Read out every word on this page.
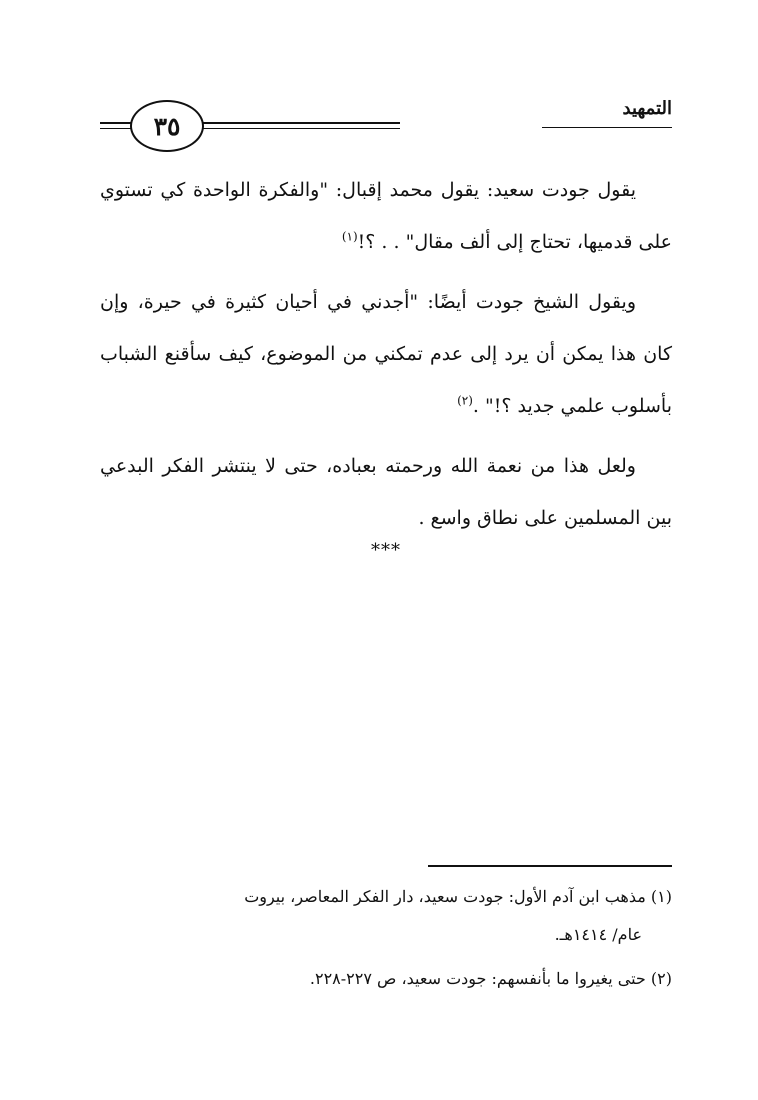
٣٥
التمهيد

يقول جودت سعيد: يقول محمد إقبال: "والفكرة الواحدة كي تستوي على قدميها، تحتاج إلى ألف مقال" . . ؟!$^{(١)}$

ويقول الشيخ جودت أيضًا: "أجدني في أحيان كثيرة في حيرة، وإن كان هذا يمكن أن يرد إلى عدم تمكني من الموضوع، كيف سأقنع الشباب بأسلوب علمي جديد ؟!" .$^{(٢)}$

ولعل هذا من نعمة الله ورحمته بعباده، حتى لا ينتشر الفكر البدعي بين المسلمين على نطاق واسع .

***

(١) مذهب ابن آدم الأول: جودت سعيد، دار الفكر المعاصر، بيروت
عام/ ١٤١٤هـ.

(٢) حتى يغيروا ما بأنفسهم: جودت سعيد، ص ٢٢٧-٢٢٨.
